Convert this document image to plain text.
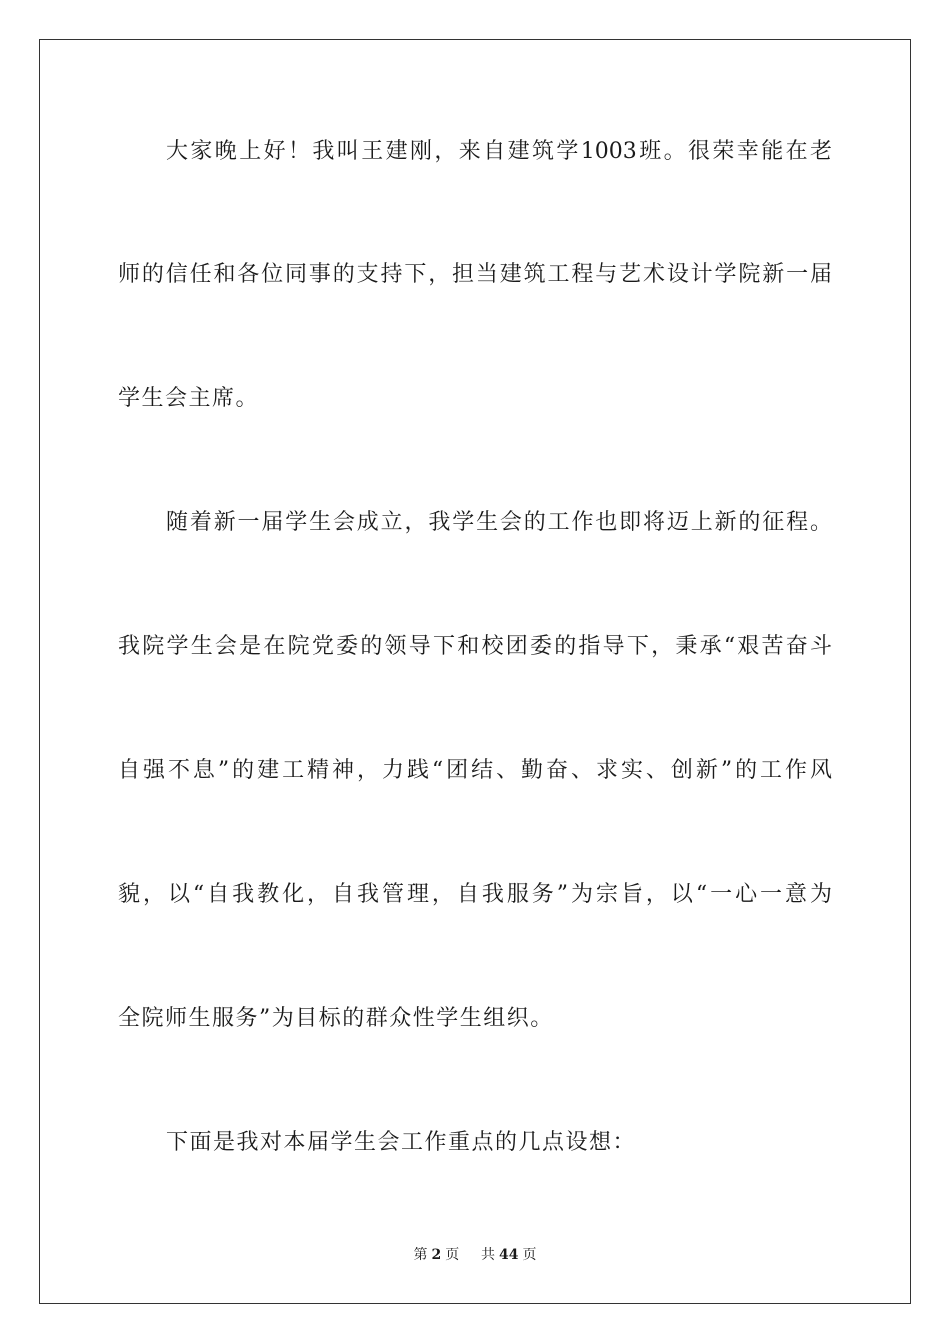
大家晚上好！我叫王建刚，来自建筑学1003班。很荣幸能在老
师的信任和各位同事的支持下，担当建筑工程与艺术设计学院新一届
学生会主席。
随着新一届学生会成立，我学生会的工作也即将迈上新的征程。
我院学生会是在院党委的领导下和校团委的指导下，秉承“艰苦奋斗
自强不息”的建工精神，力践“团结、勤奋、求实、创新”的工作风
貌，以“自我教化，自我管理，自我服务”为宗旨，以“一心一意为
全院师生服务”为目标的群众性学生组织。
下面是我对本届学生会工作重点的几点设想：
第 2 页 共 44 页
